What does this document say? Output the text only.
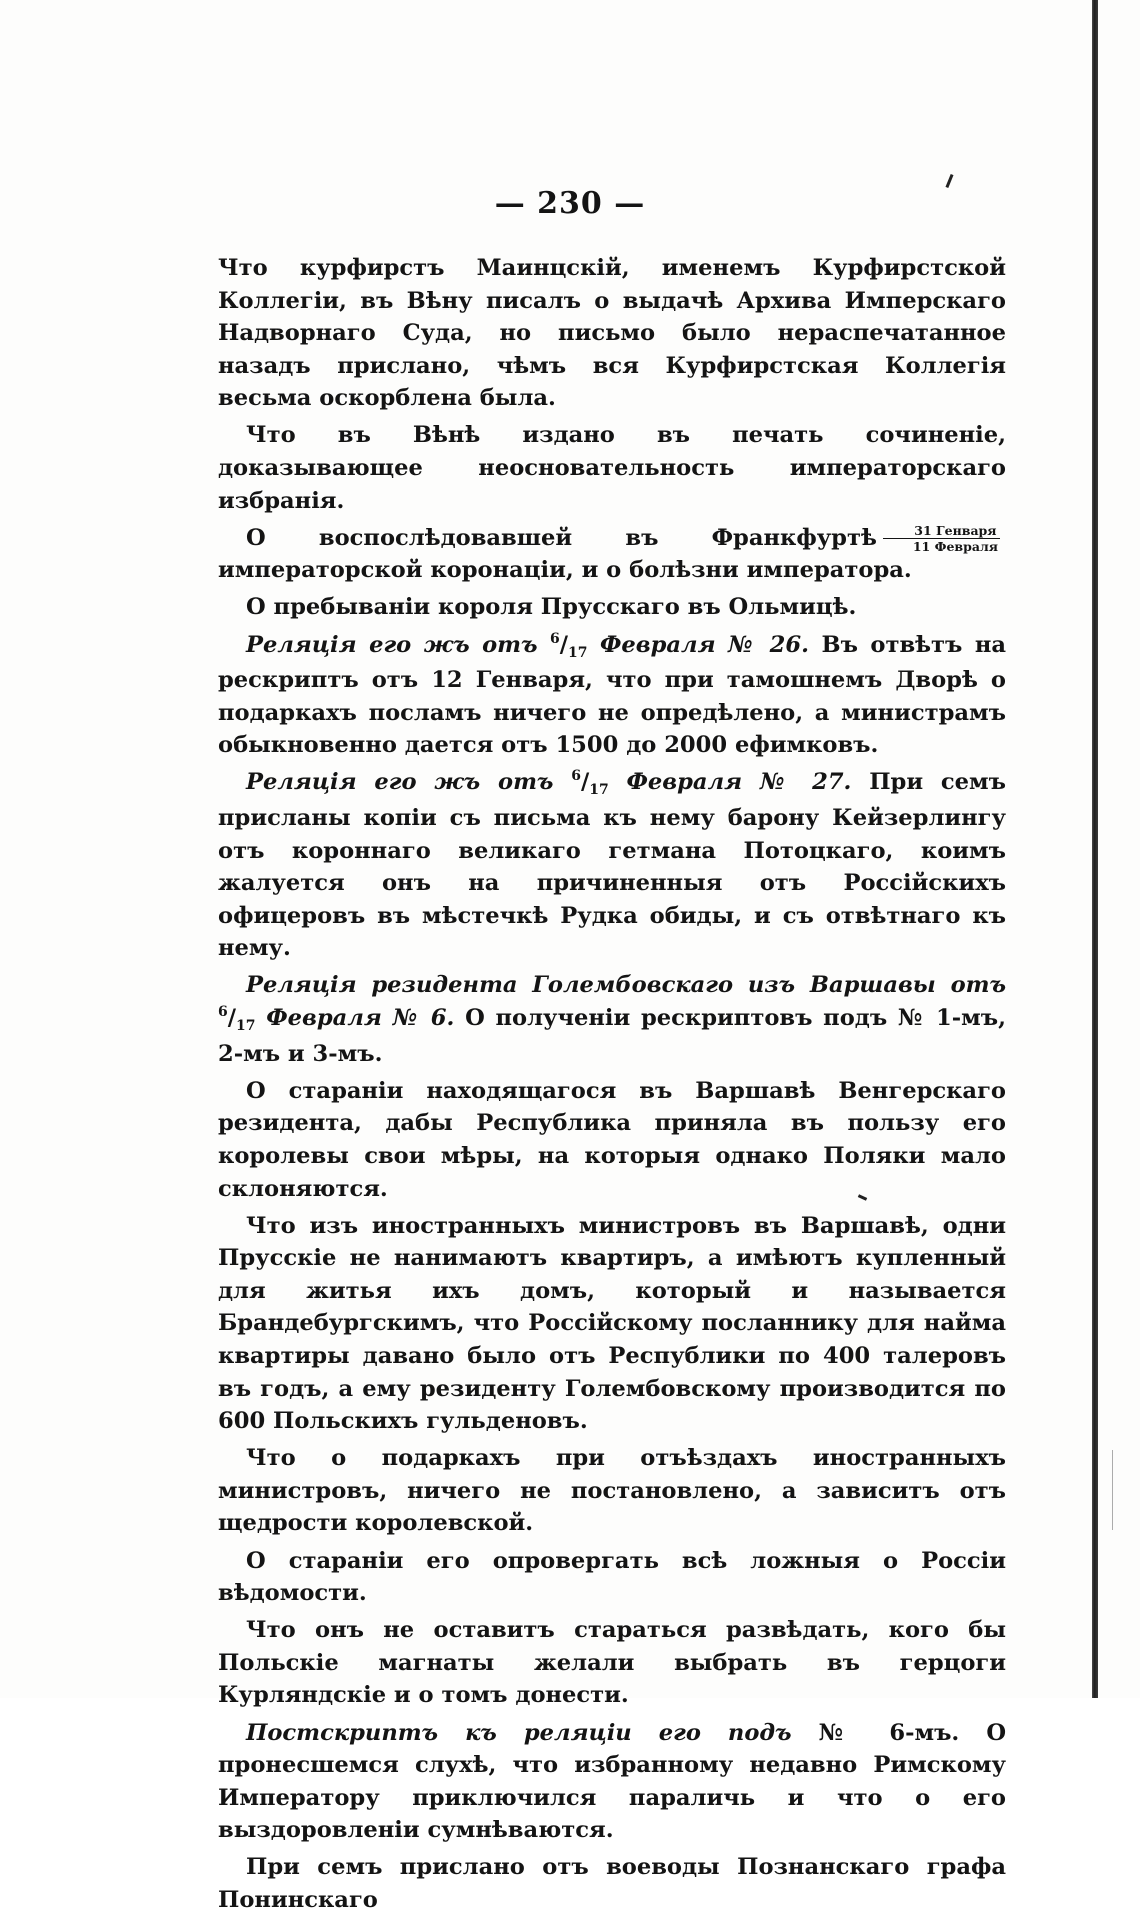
— 230 —

Что курфирстъ Маинцскій, именемъ Курфирстской Коллегіи, въ Вѣну писалъ о выдачѣ Архива Имперскаго Надворнаго Суда, но письмо было нераспечатанное назадъ прислано, чѣмъ вся Курфирстская Коллегія весьма оскорблена была.

Что въ Вѣнѣ издано въ печать сочиненіе, доказывающее неосновательность императорскаго избранія.

О воспослѣдовавшей въ Франкфуртѣ	31 Генваря
11 Февраля
императорской коронаціи, и о болѣзни императора.

О пребываніи короля Прусскаго въ Ольмицѣ.

Реляція его жъ отъ $^6/_{17}$ Февраля № 26. Въ отвѣтъ на рескриптъ отъ 12 Генваря, что при тамошнемъ Дворѣ о подаркахъ посламъ ничего не опредѣлено, а министрамъ обыкновенно дается отъ 1500 до 2000 ефимковъ.

Реляція его жъ отъ $^6/_{17}$ Февраля № 27. При семъ присланы копіи съ письма къ нему барону Кейзерлингу отъ короннаго великаго гетмана Потоцкаго, коимъ жалуется онъ на причиненныя отъ Россійскихъ офицеровъ въ мѣстечкѣ Рудка обиды, и съ отвѣтнаго къ нему.

Реляція резидента Голембовскаго изъ Варшавы отъ $^6/_{17}$ Февраля № 6. О полученіи рескриптовъ подъ № 1-мъ, 2-мъ и 3-мъ.

О стараніи находящагося въ Варшавѣ Венгерскаго резидента, дабы Республика приняла въ пользу его королевы свои мѣры, на которыя однако Поляки мало склоняются.

Что изъ иностранныхъ министровъ въ Варшавѣ, одни Прусскіе не нанимаютъ квартиръ, а имѣютъ купленный для житья ихъ домъ, который и называется Брандебургскимъ, что Россійскому посланнику для найма квартиры давано было отъ Республики по 400 талеровъ въ годъ, а ему резиденту Голембовскому производится по 600 Польскихъ гульденовъ.

Что о подаркахъ при отъѣздахъ иностранныхъ министровъ, ничего не постановлено, а зависитъ отъ щедрости королевской.

О стараніи его опровергать всѣ ложныя о Россіи вѣдомости.

Что онъ не оставитъ стараться развѣдать, кого бы Польскіе магнаты желали выбрать въ герцоги Курляндскіе и о томъ донести.

Постскриптъ къ реляціи его подъ № 6-мъ. О пронесшемся слухѣ, что избранному недавно Римскому Императору приключился параличь и что о его выздоровленіи сумнѣваются.

При семъ прислано отъ воеводы Познанскаго графа Понинскаго
